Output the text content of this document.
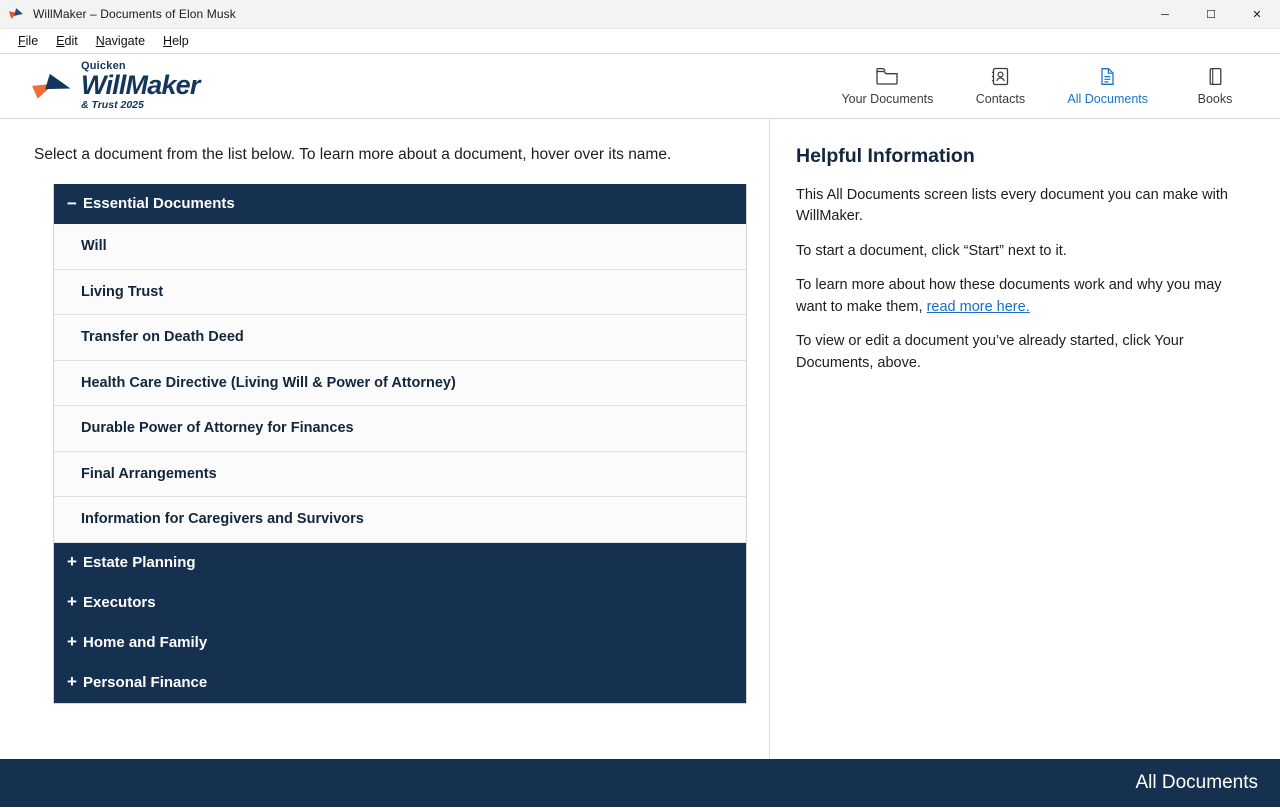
WillMaker – Documents of Elon Musk	─	☐	✕
File	Edit	Navigate	Help
Quicken
WillMaker
& Trust 2025	Your Documents	Contacts	All Documents	Books
Select a document from the list below. To learn more about a document, hover over its name.
− Essential Documents
Will
Living Trust
Transfer on Death Deed
Health Care Directive (Living Will & Power of Attorney)
Durable Power of Attorney for Finances
Final Arrangements
Information for Caregivers and Survivors
+ Estate Planning
+ Executors
+ Home and Family
+ Personal Finance
Helpful Information
This All Documents screen lists every document you can make with WillMaker.
To start a document, click “Start” next to it.
To learn more about how these documents work and why you may want to make them, read more here.
To view or edit a document you’ve already started, click Your Documents, above.
All Documents
